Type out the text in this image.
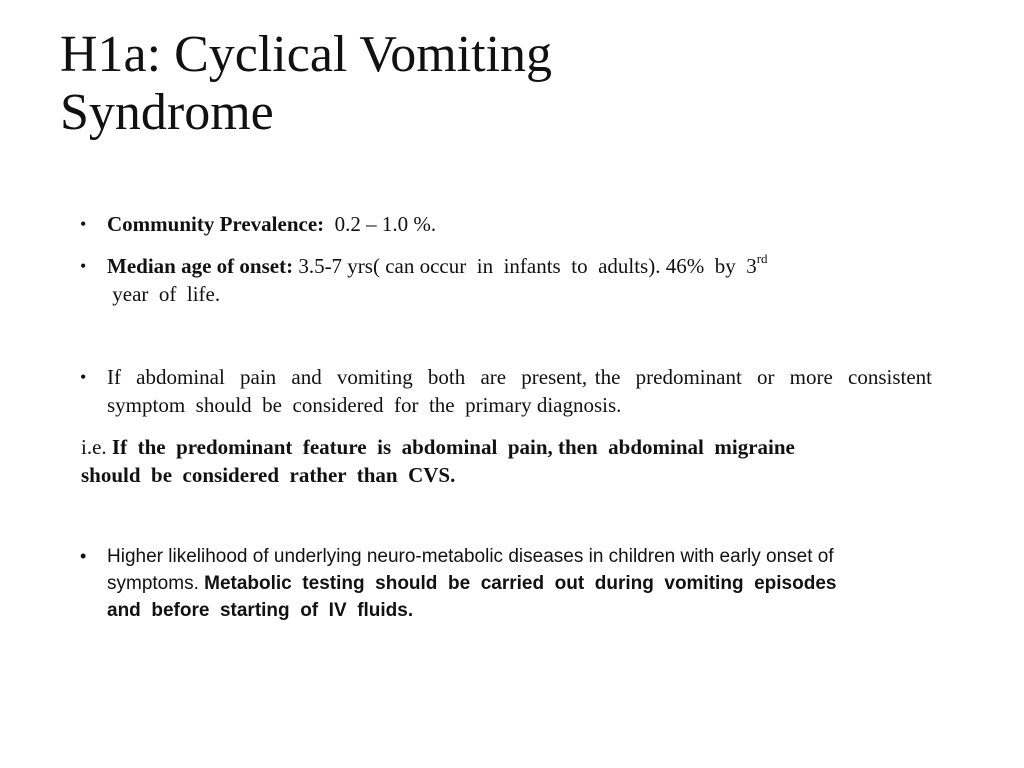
H1a: Cyclical Vomiting
Syndrome
• Community Prevalence:  0.2 – 1.0 %.
• Median age of onset: 3.5-7 yrs( can occur  in  infants  to  adults). 46%  by  3rd
year  of  life.
• If  abdominal  pain  and  vomiting  both  are  present, the  predominant  or  more  consistent  symptom  should  be  considered  for  the  primary diagnosis.
i.e. If  the  predominant  feature  is  abdominal  pain, then  abdominal  migraine  should  be  considered  rather  than  CVS.
•	Higher likelihood of underlying neuro-metabolic diseases in children with early onset of symptoms. Metabolic  testing  should  be  carried  out  during  vomiting  episodes  and  before  starting  of  IV  fluids.
